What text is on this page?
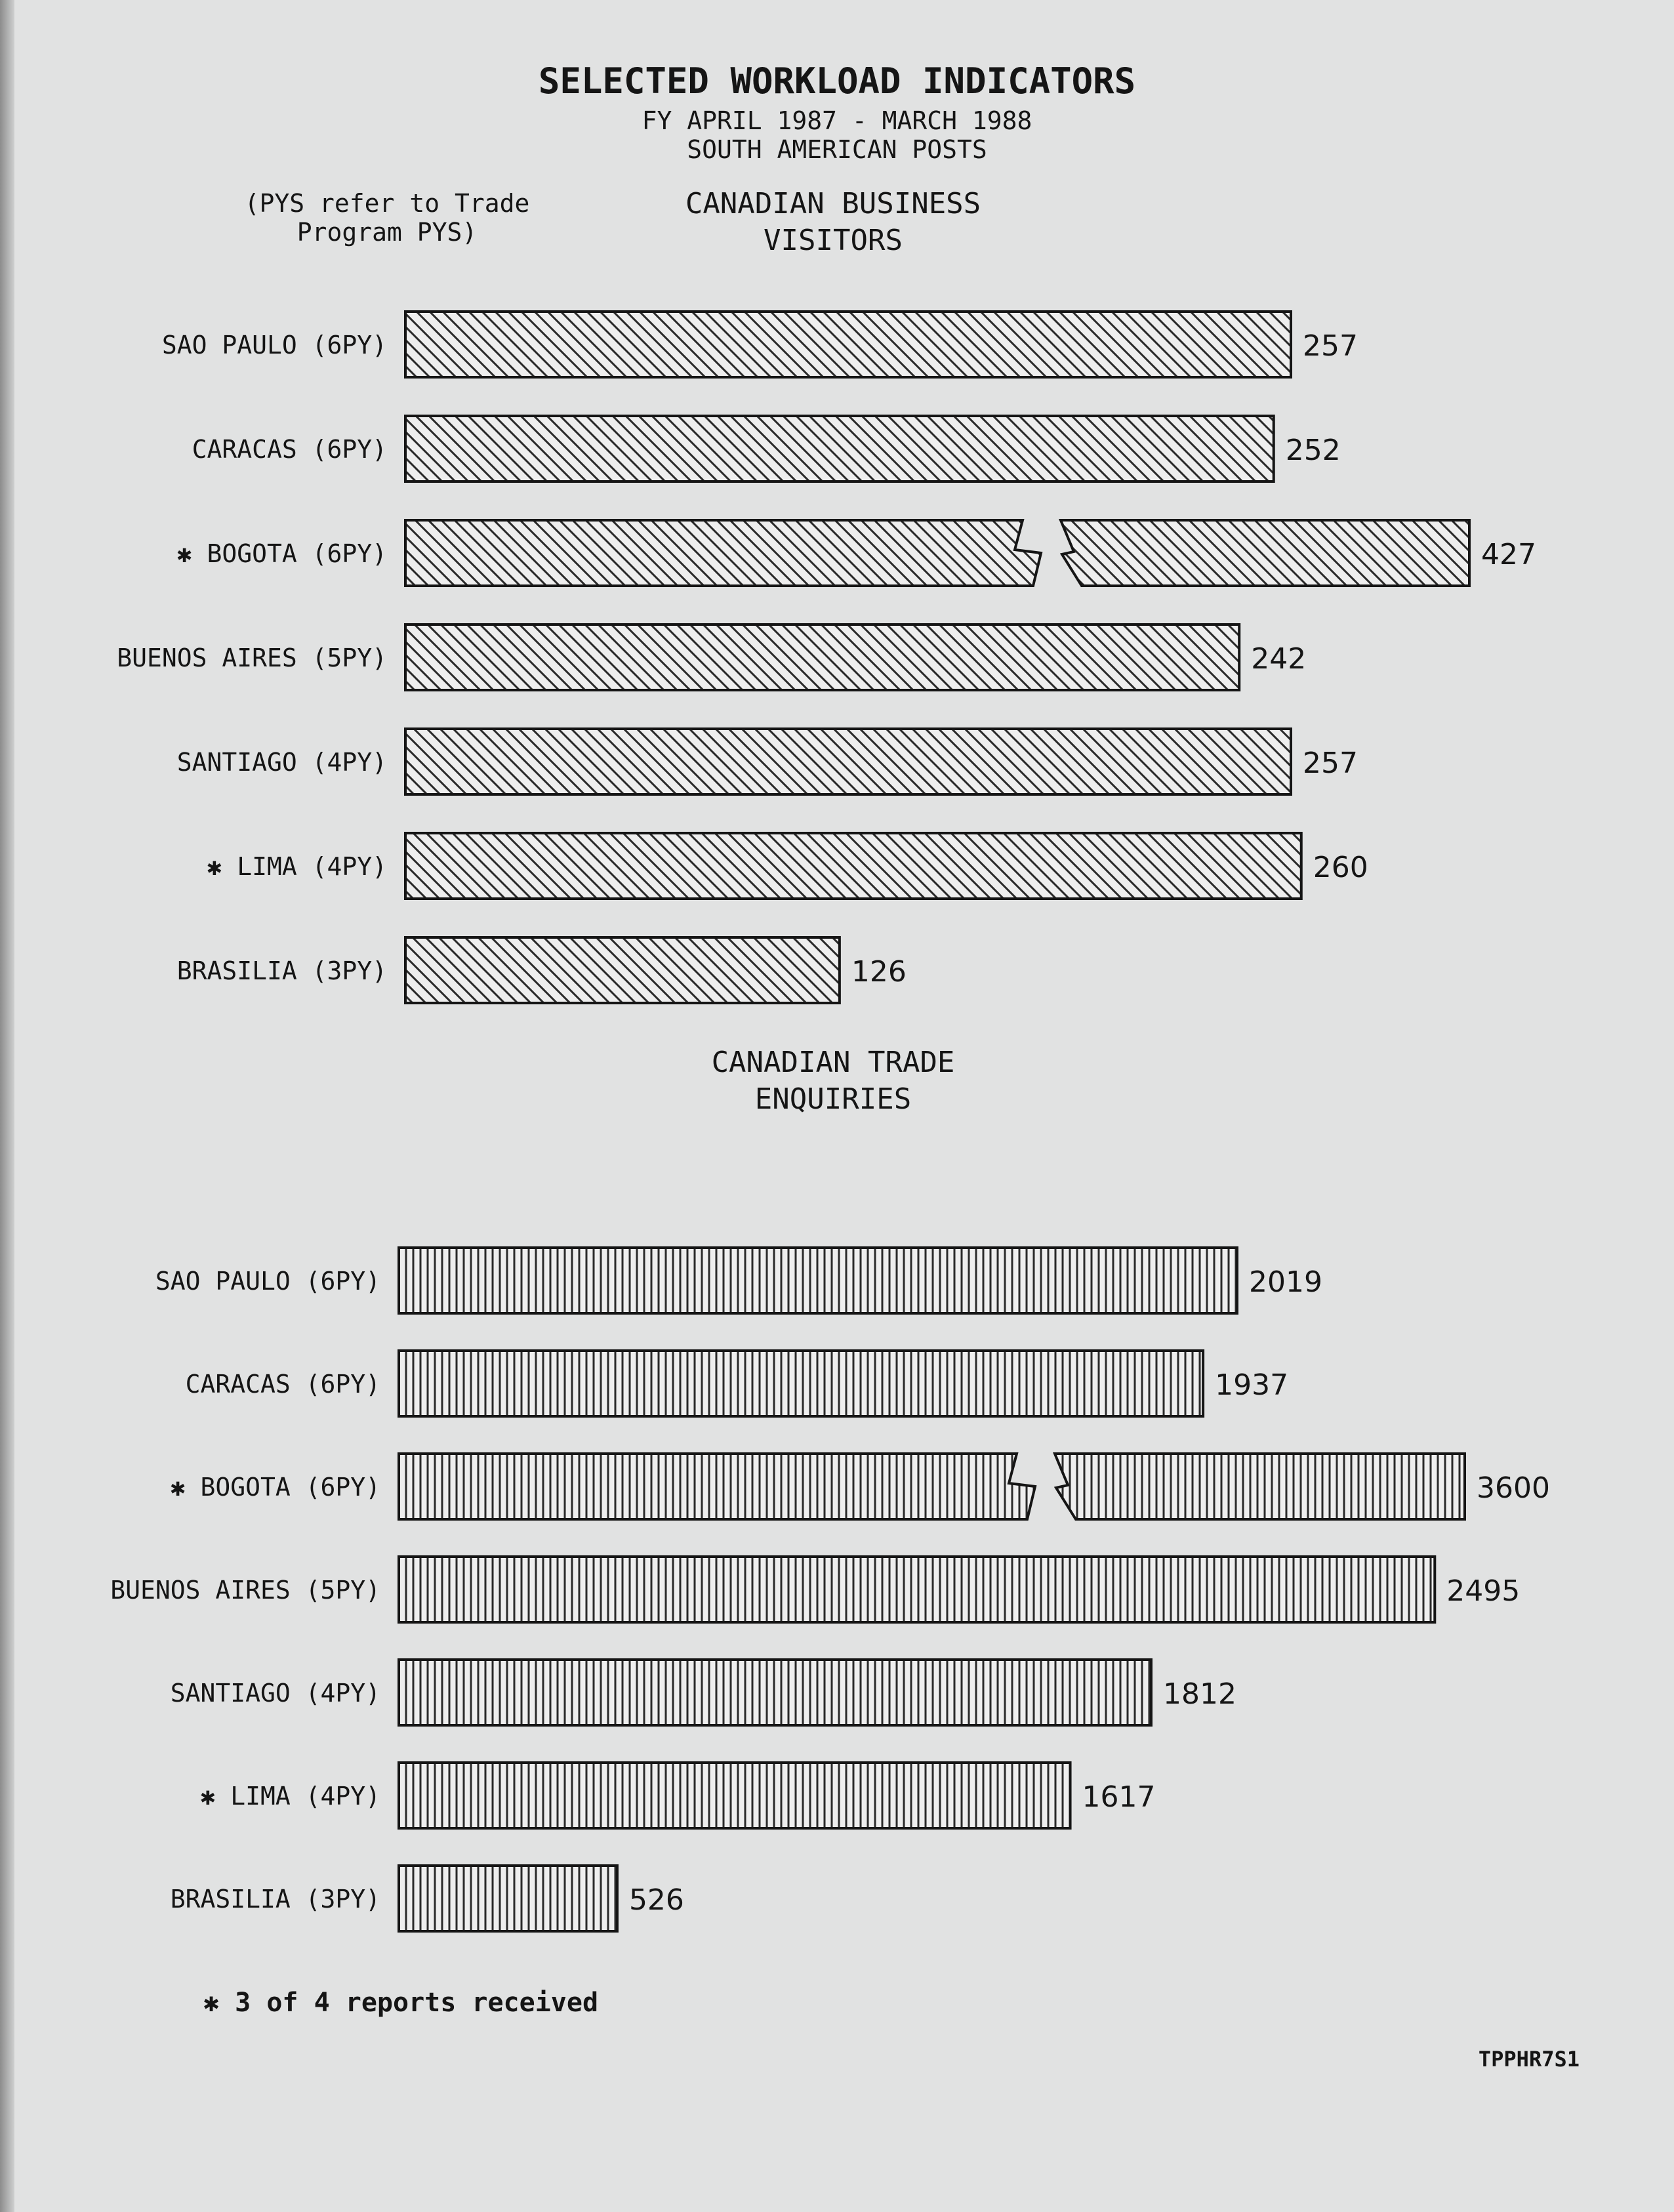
SELECTED WORKLOAD INDICATORS
FY APRIL 1987 - MARCH 1988
SOUTH AMERICAN POSTS
(PYS refer to Trade
Program PYS)
CANADIAN BUSINESS
VISITORS
CANADIAN TRADE
ENQUIRIES
SAO PAULO (6PY)	257
CARACAS (6PY)	252
✱ BOGOTA (6PY)	427
BUENOS AIRES (5PY)	242
SANTIAGO (4PY)	257
✱ LIMA (4PY)	260
BRASILIA (3PY)	126
SAO PAULO (6PY)	2019
CARACAS (6PY)	1937
✱ BOGOTA (6PY)	3600
BUENOS AIRES (5PY)	2495
SANTIAGO (4PY)	1812
✱ LIMA (4PY)	1617
BRASILIA (3PY)	526
✱ 3 of 4 reports received
TPPHR7S1
